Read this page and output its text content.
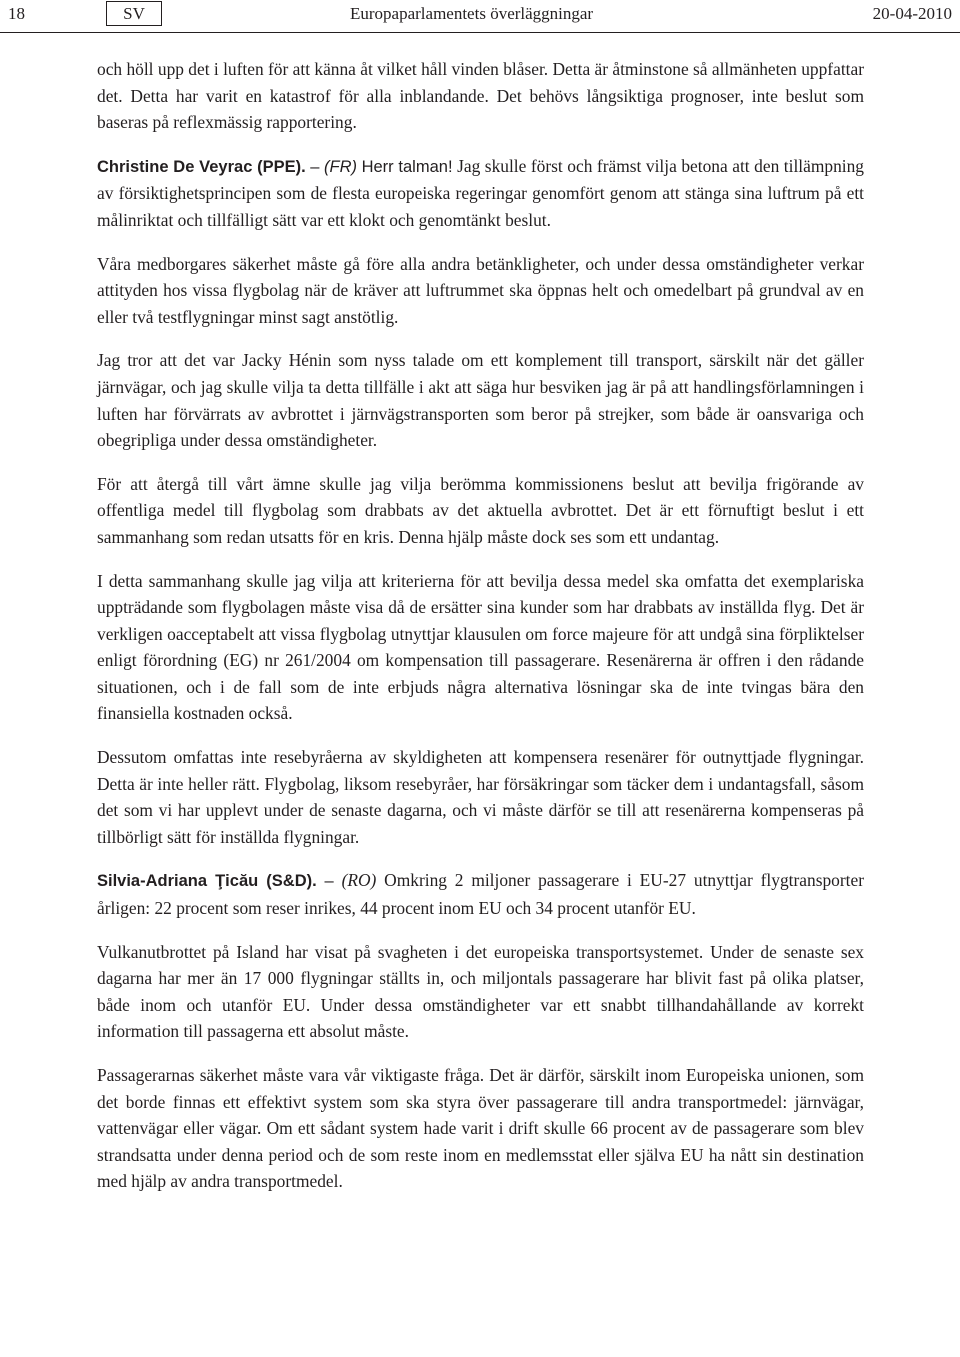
18	SV	Europaparlamentets överläggningar	20-04-2010

och höll upp det i luften för att känna åt vilket håll vinden blåser. Detta är åtminstone så allmänheten uppfattar det. Detta har varit en katastrof för alla inblandande. Det behövs långsiktiga prognoser, inte beslut som baseras på reflexmässig rapportering.

Christine De Veyrac (PPE). – (FR) Herr talman! Jag skulle först och främst vilja betona att den tillämpning av försiktighetsprincipen som de flesta europeiska regeringar genomfört genom att stänga sina luftrum på ett målinriktat och tillfälligt sätt var ett klokt och genomtänkt beslut.

Våra medborgares säkerhet måste gå före alla andra betänkligheter, och under dessa omständigheter verkar attityden hos vissa flygbolag när de kräver att luftrummet ska öppnas helt och omedelbart på grundval av en eller två testflygningar minst sagt anstötlig.

Jag tror att det var Jacky Hénin som nyss talade om ett komplement till transport, särskilt när det gäller järnvägar, och jag skulle vilja ta detta tillfälle i akt att säga hur besviken jag är på att handlingsförlamningen i luften har förvärrats av avbrottet i järnvägstransporten som beror på strejker, som både är oansvariga och obegripliga under dessa omständigheter.

För att återgå till vårt ämne skulle jag vilja berömma kommissionens beslut att bevilja frigörande av offentliga medel till flygbolag som drabbats av det aktuella avbrottet. Det är ett förnuftigt beslut i ett sammanhang som redan utsatts för en kris. Denna hjälp måste dock ses som ett undantag.

I detta sammanhang skulle jag vilja att kriterierna för att bevilja dessa medel ska omfatta det exemplariska uppträdande som flygbolagen måste visa då de ersätter sina kunder som har drabbats av inställda flyg. Det är verkligen oacceptabelt att vissa flygbolag utnyttjar klausulen om force majeure för att undgå sina förpliktelser enligt förordning (EG) nr 261/2004 om kompensation till passagerare. Resenärerna är offren i den rådande situationen, och i de fall som de inte erbjuds några alternativa lösningar ska de inte tvingas bära den finansiella kostnaden också.

Dessutom omfattas inte resebyråerna av skyldigheten att kompensera resenärer för outnyttjade flygningar. Detta är inte heller rätt. Flygbolag, liksom resebyråer, har försäkringar som täcker dem i undantagsfall, såsom det som vi har upplevt under de senaste dagarna, och vi måste därför se till att resenärerna kompenseras på tillbörligt sätt för inställda flygningar.

Silvia-Adriana Ţicău (S&D). – (RO) Omkring 2 miljoner passagerare i EU-27 utnyttjar flygtransporter årligen: 22 procent som reser inrikes, 44 procent inom EU och 34 procent utanför EU.

Vulkanutbrottet på Island har visat på svagheten i det europeiska transportsystemet. Under de senaste sex dagarna har mer än 17 000 flygningar ställts in, och miljontals passagerare har blivit fast på olika platser, både inom och utanför EU. Under dessa omständigheter var ett snabbt tillhandahållande av korrekt information till passagerna ett absolut måste.

Passagerarnas säkerhet måste vara vår viktigaste fråga. Det är därför, särskilt inom Europeiska unionen, som det borde finnas ett effektivt system som ska styra över passagerare till andra transportmedel: järnvägar, vattenvägar eller vägar. Om ett sådant system hade varit i drift skulle 66 procent av de passagerare som blev strandsatta under denna period och de som reste inom en medlemsstat eller själva EU ha nått sin destination med hjälp av andra transportmedel.
